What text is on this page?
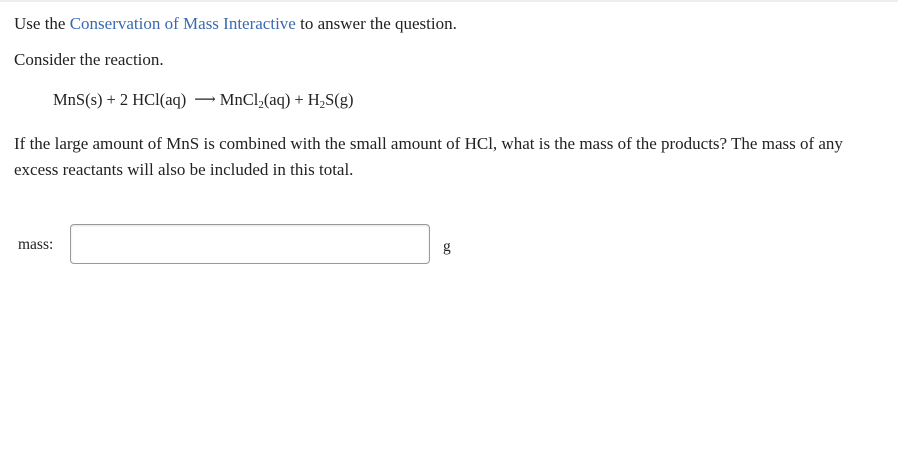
Use the Conservation of Mass Interactive to answer the question.
Consider the reaction.
MnS(s) + 2 HCl(aq) ⟶ MnCl$_2$(aq) + $H_2S(g)$
If the large amount of MnS is combined with the small amount of HCl, what is the mass of the products? The mass of any
excess reactants will also be included in this total.
mass:	g
